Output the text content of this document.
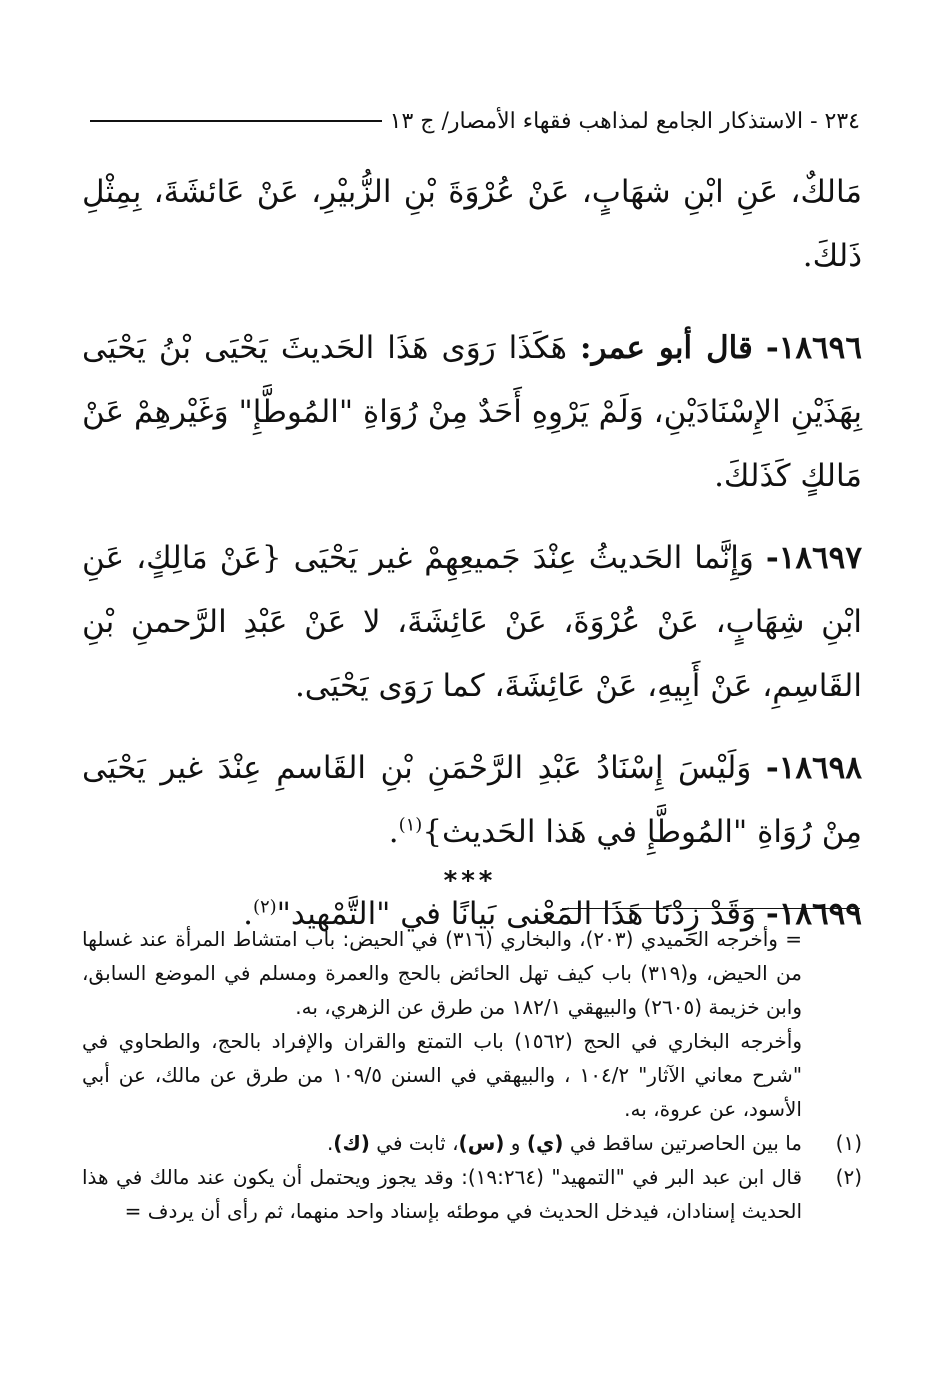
٢٣٤ - الاستذكار الجامع لمذاهب فقهاء الأمصار/ ج ١٣

مَالكٌ، عَنِ ابْنِ شهَابٍ، عَنْ عُرْوَةَ بْنِ الزُّبيْرِ، عَنْ عَائشَةَ، بِمِثْلِ ذَلكَ.

١٨٦٩٦- قال أبو عمر: هَكَذَا رَوَى هَذَا الحَديثَ يَحْيَى بْنُ يَحْيَى بِهَذَيْنِ الإِسْنَادَيْنِ، وَلَمْ يَرْوِهِ أَحَدٌ مِنْ رُوَاةِ "المُوطَّإِ" وَغَيْرهِمْ عَنْ مَالكٍ كَذَلكَ.

١٨٦٩٧- وَإِنَّما الحَديثُ عِنْدَ جَميعِهِمْ غير يَحْيَى {عَنْ مَالِكٍ، عَنِ ابْنِ شِهَابٍ، عَنْ عُرْوَةَ، عَنْ عَائِشَةَ، لا عَنْ عَبْدِ الرَّحمنِ بْنِ القَاسِمِ، عَنْ أَبِيهِ، عَنْ عَائِشَةَ، كما رَوَى يَحْيَى.

١٨٦٩٨- وَلَيْسَ إِسْنَادُ عَبْدِ الرَّحْمَنِ بْنِ القَاسمِ عِنْدَ غير يَحْيَى مِنْ رُوَاةِ "المُوطَّإِ في هَذا الحَديث}$^{(١)}$.

١٨٦٩٩- وَقَدْ زِدْنَا هَذَا المَعْنى بَيانًا في "التَّمْهيد"$^{(٢)}$.

***

= وأخرجه الحميدي (٢٠٣)، والبخاري (٣١٦) في الحيض: باب امتشاط المرأة عند غسلها من الحيض، و(٣١٩) باب كيف تهل الحائض بالحج والعمرة ومسلم في الموضع السابق، وابن خزيمة (٢٦٠٥) والبيهقي ١٨٢/١ من طرق عن الزهري، به.

وأخرجه البخاري في الحج (١٥٦٢) باب التمتع والقران والإفراد بالحج، والطحاوي في "شرح معاني الآثار" ١٠٤/٢ ، والبيهقي في السنن ١٠٩/٥ من طرق عن مالك، عن أبي الأسود، عن عروة، به.

(١)
ما بين الحاصرتين ساقط في (ي) و (س)، ثابت في (ك).
(٢)
قال ابن عبد البر في "التمهيد" (١٩:٢٦٤): وقد يجوز ويحتمل أن يكون عند مالك في هذا الحديث إسنادان، فيدخل الحديث في موطئه بإسناد واحد منهما، ثم رأى أن يردف =
